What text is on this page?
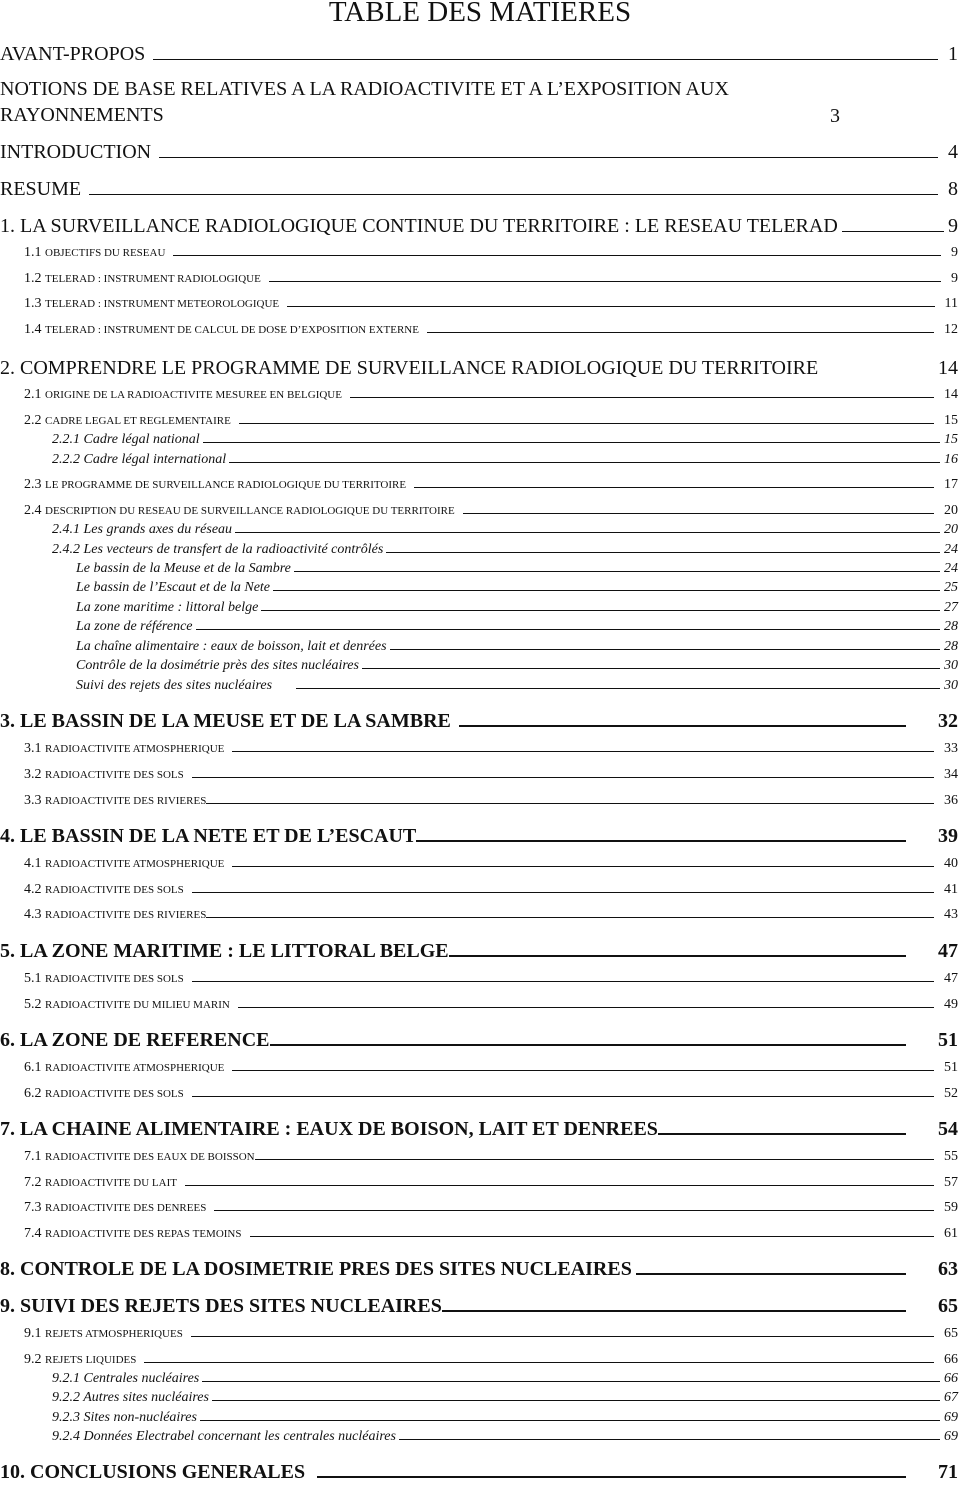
TABLE DES MATIERES
AVANT-PROPOS	1
NOTIONS DE BASE RELATIVES A LA RADIOACTIVITE ET A L’EXPOSITION AUX RAYONNEMENTS	3
INTRODUCTION	4
RESUME	8
1. LA SURVEILLANCE RADIOLOGIQUE CONTINUE DU TERRITOIRE : LE RESEAU TELERAD	9
1.1 OBJECTIFS DU RESEAU	9
1.2 TELERAD : INSTRUMENT RADIOLOGIQUE	9
1.3 TELERAD : INSTRUMENT METEOROLOGIQUE	11
1.4 TELERAD : INSTRUMENT DE CALCUL DE DOSE D’EXPOSITION EXTERNE	12
2. COMPRENDRE LE PROGRAMME DE SURVEILLANCE RADIOLOGIQUE DU TERRITOIRE	14
2.1 ORIGINE DE LA RADIOACTIVITE MESUREE EN BELGIQUE	14
2.2 CADRE LEGAL ET REGLEMENTAIRE	15
2.2.1 Cadre légal national	15
2.2.2 Cadre légal international	16
2.3 LE PROGRAMME DE SURVEILLANCE RADIOLOGIQUE DU TERRITOIRE	17
2.4 DESCRIPTION DU RESEAU DE SURVEILLANCE RADIOLOGIQUE DU TERRITOIRE	20
2.4.1 Les grands axes du réseau	20
2.4.2 Les vecteurs de transfert de la radioactivité contrôlés	24
Le bassin de la Meuse et de la Sambre	24
Le bassin de l’Escaut et de la Nete	25
La zone maritime : littoral belge	27
La zone de référence	28
La chaîne alimentaire : eaux de boisson, lait et denrées	28
Contrôle de la dosimétrie près des sites nucléaires	30
Suivi des rejets des sites nucléaires	30
3. LE BASSIN DE LA MEUSE ET DE LA SAMBRE	32
3.1 RADIOACTIVITE ATMOSPHERIQUE	33
3.2 RADIOACTIVITE DES SOLS	34
3.3 RADIOACTIVITE DES RIVIERES	36
4. LE BASSIN DE LA NETE ET DE L’ESCAUT	39
4.1 RADIOACTIVITE ATMOSPHERIQUE	40
4.2 RADIOACTIVITE DES SOLS	41
4.3 RADIOACTIVITE DES RIVIERES	43
5. LA ZONE MARITIME : LE LITTORAL BELGE	47
5.1 RADIOACTIVITE DES SOLS	47
5.2 RADIOACTIVITE DU MILIEU MARIN	49
6. LA ZONE DE REFERENCE	51
6.1 RADIOACTIVITE ATMOSPHERIQUE	51
6.2 RADIOACTIVITE DES SOLS	52
7. LA CHAINE ALIMENTAIRE : EAUX DE BOISON, LAIT ET DENREES	54
7.1 RADIOACTIVITE DES EAUX DE BOISSON	55
7.2 RADIOACTIVITE DU LAIT	57
7.3 RADIOACTIVITE DES DENREES	59
7.4 RADIOACTIVITE DES REPAS TEMOINS	61
8. CONTROLE DE LA DOSIMETRIE PRES DES SITES NUCLEAIRES	63
9. SUIVI DES REJETS DES SITES NUCLEAIRES	65
9.1 REJETS ATMOSPHERIQUES	65
9.2 REJETS LIQUIDES	66
9.2.1 Centrales nucléaires	66
9.2.2 Autres sites nucléaires	67
9.2.3 Sites non-nucléaires	69
9.2.4 Données Electrabel concernant les centrales nucléaires	69
10. CONCLUSIONS GENERALES	71
